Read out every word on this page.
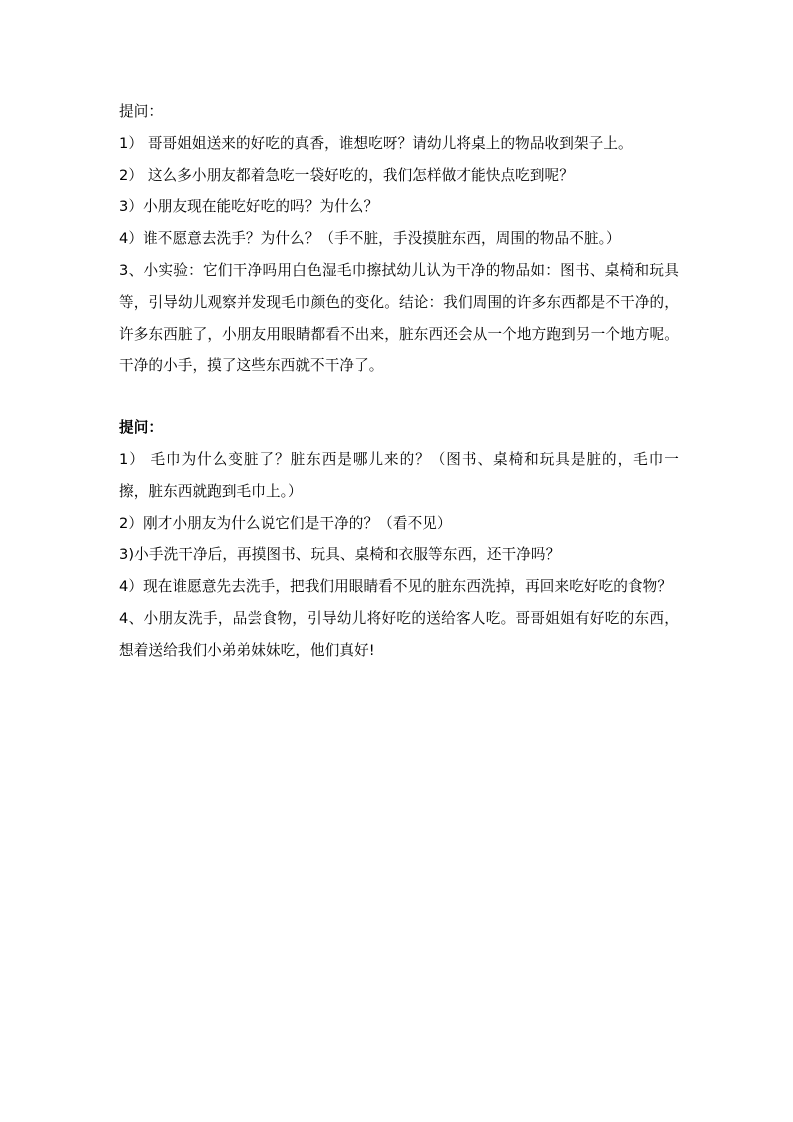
提问：
1） 哥哥姐姐送来的好吃的真香，谁想吃呀？请幼儿将桌上的物品收到架子上。
2） 这么多小朋友都着急吃一袋好吃的，我们怎样做才能快点吃到呢？
3）小朋友现在能吃好吃的吗？为什么？
4）谁不愿意去洗手？为什么？（手不脏，手没摸脏东西，周围的物品不脏。）
3、小实验：它们干净吗用白色湿毛巾擦拭幼儿认为干净的物品如：图书、桌椅和玩具等，引导幼儿观察并发现毛巾颜色的变化。结论：我们周围的许多东西都是不干净的，许多东西脏了，小朋友用眼睛都看不出来，脏东西还会从一个地方跑到另一个地方呢。干净的小手，摸了这些东西就不干净了。
提问：
1） 毛巾为什么变脏了？脏东西是哪儿来的？（图书、桌椅和玩具是脏的，毛巾一 擦，脏东西就跑到毛巾上。）
2）刚才小朋友为什么说它们是干净的？（看不见）
3)小手洗干净后，再摸图书、玩具、桌椅和衣服等东西，还干净吗？
4）现在谁愿意先去洗手，把我们用眼睛看不见的脏东西洗掉，再回来吃好吃的食物？
4、小朋友洗手，品尝食物，引导幼儿将好吃的送给客人吃。哥哥姐姐有好吃的东西，想着送给我们小弟弟妹妹吃，他们真好!
